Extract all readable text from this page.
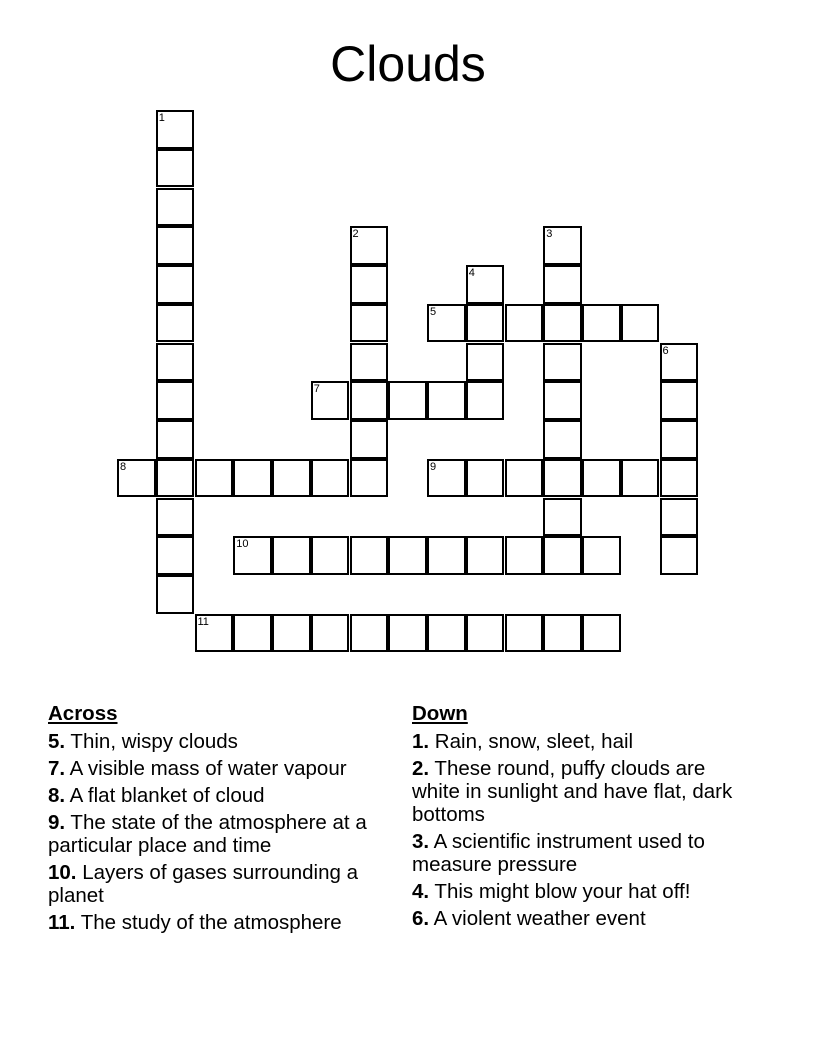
Clouds
1
2	3
4
5
6
7
8	9
10
11
Across
5. Thin, wispy clouds
7. A visible mass of water vapour
8. A flat blanket of cloud
9. The state of the atmosphere at a particular place and time
10. Layers of gases surrounding a planet
11. The study of the atmosphere
Down
1. Rain, snow, sleet, hail
2. These round, puffy clouds are white in sunlight and have flat, dark bottoms
3. A scientific instrument used to measure pressure
4. This might blow your hat off!
6. A violent weather event
